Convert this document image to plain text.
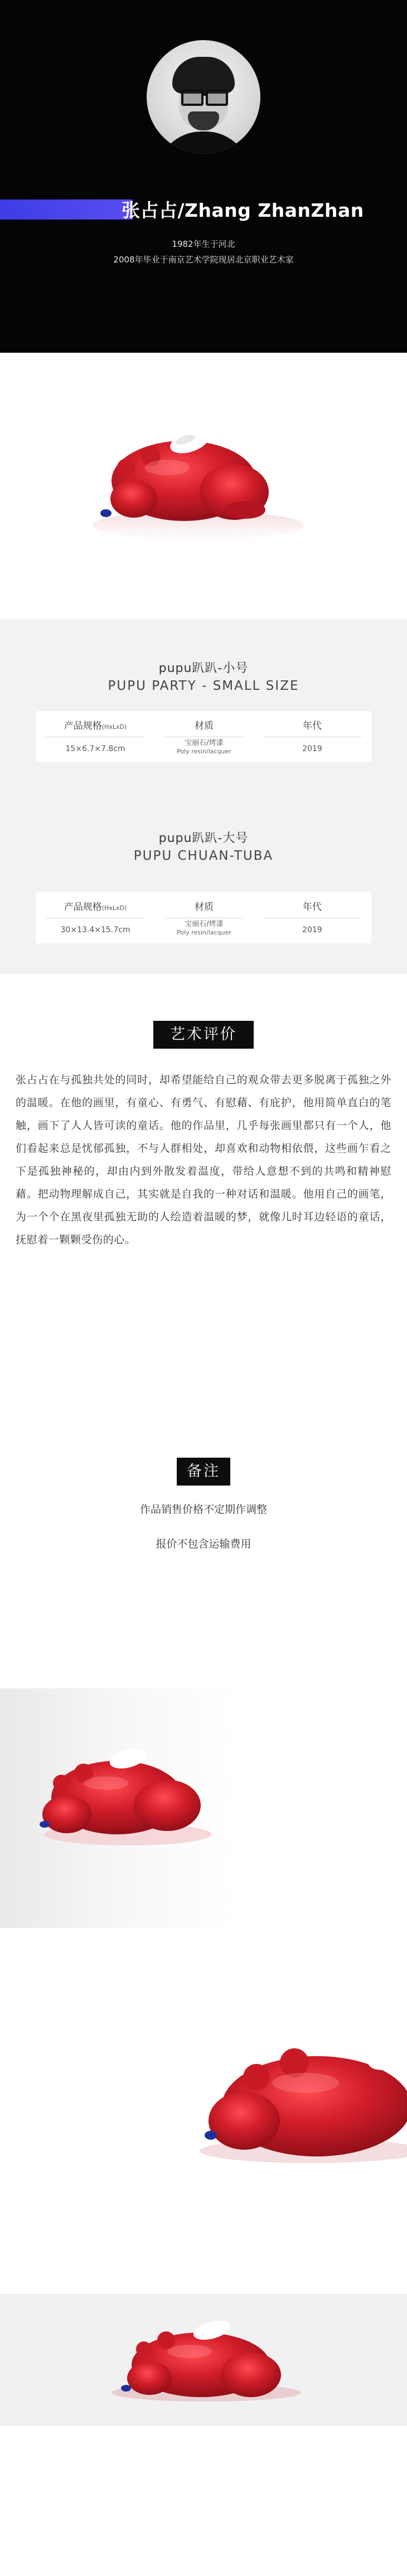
张占占/Zhang ZhanZhan
1982年生于河北
2008年毕业于南京艺术学院现居北京职业艺术家
pupu趴趴-小号
PUPU PARTY - SMALL SIZE
产品规格(HxLxD)
15×6.7×7.8cm
材质
宝丽石/烤漆
Poly resin/lacquer
年代
2019
pupu趴趴-大号
PUPU CHUAN-TUBA
产品规格(HxLxD)
30×13.4×15.7cm
材质
宝丽石/烤漆
Poly resin/lacquer
年代
2019
艺术评价
张占占在与孤独共处的同时，却希望能给自己的观众带去更多脱离于孤独之外的温暖。在他的画里，有童心、有勇气、有慰藉、有庇护，他用简单直白的笔触，画下了人人皆可读的童话。他的作品里，几乎每张画里都只有一个人，他们看起来总是忧郁孤独，不与人群相处，却喜欢和动物相依偎，这些画乍看之下是孤独神秘的，却由内到外散发着温度，带给人意想不到的共鸣和精神慰藉。把动物理解成自己，其实就是自我的一种对话和温暖。他用自己的画笔，为一个个在黑夜里孤独无助的人绘造着温暖的梦，就像儿时耳边轻语的童话，抚慰着一颗颗受伤的心。
备注
作品销售价格不定期作调整
报价不包含运输费用
